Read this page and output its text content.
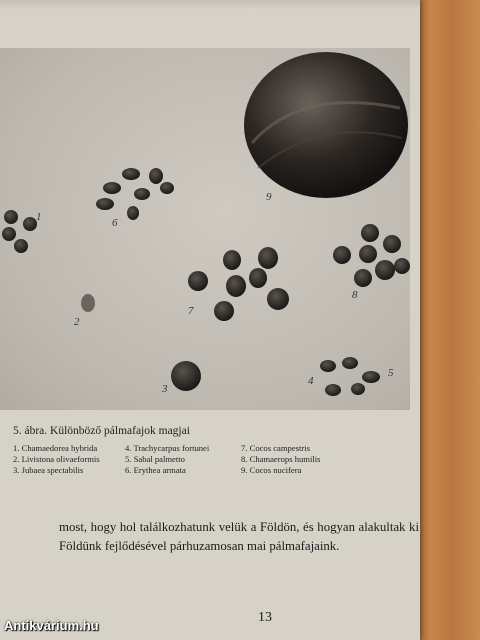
9
6
1
2
8
7
3
4
5
5. ábra. Különböző pálmafajok magjai
1. Chamaedorea hybrida	4. Trachycarpus fortunei	7. Cocos campestris
2. Livistona olivaeformis	5. Sabal palmetto	8. Chamaerops humilis
3. Jubaea spectabilis	6. Erythea armata	9. Cocos nucifera
most, hogy hol találkozhatunk velük a Földön, és hogyan alakultak ki Földünk fejlődésével párhuzamosan mai pálmafajaink.
13
Antikvárium.hu
